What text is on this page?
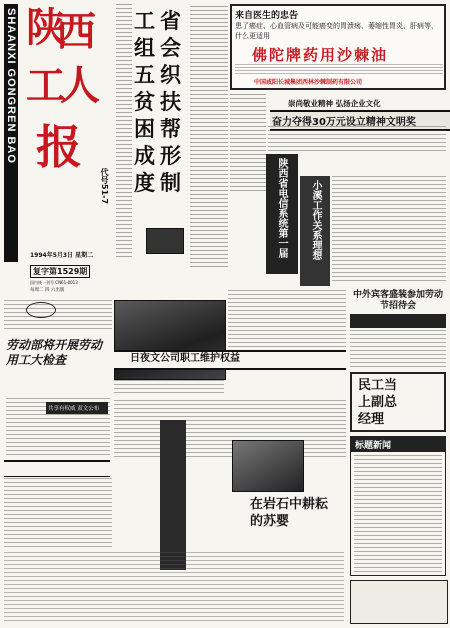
SHAANXI GONGREN BAO 陕
西
工
人
报
代号51-7
1994年5月3日 星期二
复字第1529期
国内统一刊号 CN61-0013
每周二 四 六出版
工
组
五
贫
困
成
度
省
会
织
扶
帮
形
制
来自医生的忠告
患了癌症、心血管病及可能癌变的胃溃疡、萎缩性胃炎、肝病等，什么更适用
佛陀牌药用沙棘油
中国咸阳长城集团西林沙棘制药有限公司
崇尚敬业精神 弘扬企业文化
奋力夺得30万元设立精神文明奖
陕西省电信系统第一届 小溪工作关系理想
中外宾客盛装参加劳动节招待会
劳动部将开展劳动用工大检查
共享有权威 双文公布
日夜文公司职工维护权益
民工当上副总经理
标题新闻
在岩石中耕耘的苏婴
